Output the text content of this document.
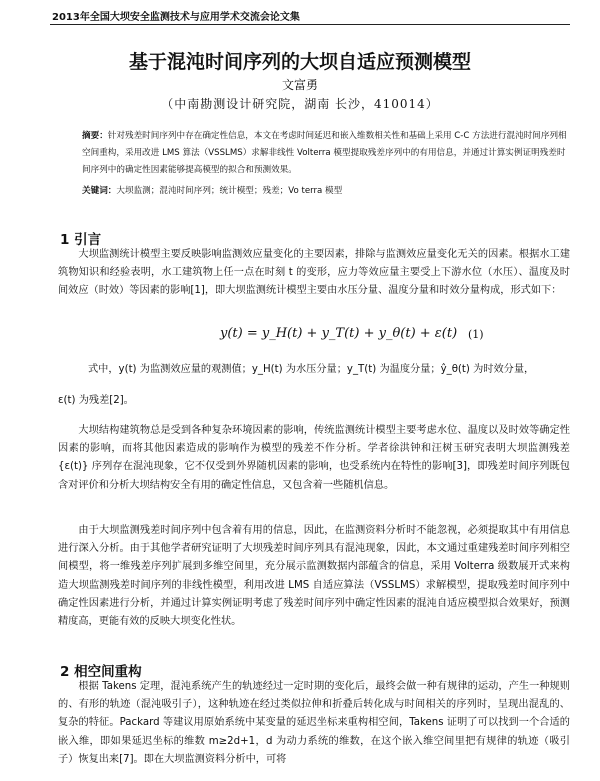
2013年全国大坝安全监测技术与应用学术交流会论文集
基于混沌时间序列的大坝自适应预测模型
文富勇
（中南勘测设计研究院，湖南 长沙，410014）
摘要：针对残差时间序列中存在确定性信息，本文在考虑时间延迟和嵌入维数相关性和基础上采用 C-C 方法进行混沌时间序列相空间重构，采用改进 LMS 算法（VSSLMS）求解非线性 Volterra 模型提取残差序列中的有用信息，并通过计算实例证明残差时间序列中的确定性因素能够提高模型的拟合和预测效果。
关键词：大坝监测；混沌时间序列；统计模型；残差；Vo terra 模型
1 引言
大坝监测统计模型主要反映影响监测效应量变化的主要因素，排除与监测效应量变化无关的因素。根据水工建筑物知识和经验表明，水工建筑物上任一点在时刻 t 的变形，应力等效应量主要受上下游水位（水压）、温度及时间效应（时效）等因素的影响[1]，即大坝监测统计模型主要由水压分量、温度分量和时效分量构成，形式如下：
y(t) = y_H(t) + y_T(t) + y_θ(t) + ε(t) (1)
式中，y(t) 为监测效应量的观测值；y_H(t) 为水压分量；y_T(t) 为温度分量；ŷ_θ(t) 为时效分量，
ε(t) 为残差[2]。
大坝结构建筑物总是受到各种复杂环境因素的影响，传统监测统计模型主要考虑水位、温度以及时效等确定性因素的影响，而将其他因素造成的影响作为模型的残差不作分析。学者徐洪钟和汪树玉研究表明大坝监测残差 {ε(t)} 序列存在混沌现象，它不仅受到外界随机因素的影响，也受系统内在特性的影响[3]，即残差时间序列既包含对评价和分析大坝结构安全有用的确定性信息，又包含着一些随机信息。
由于大坝监测残差时间序列中包含着有用的信息，因此，在监测资料分析时不能忽视，必须提取其中有用信息进行深入分析。由于其他学者研究证明了大坝残差时间序列具有混沌现象，因此，本文通过重建残差时间序列相空间模型，将一维残差序列扩展到多维空间里，充分展示监测数据内部蕴含的信息，采用 Volterra 级数展开式来构造大坝监测残差时间序列的非线性模型，利用改进 LMS 自适应算法（VSSLMS）求解模型，提取残差时间序列中确定性因素进行分析，并通过计算实例证明考虑了残差时间序列中确定性因素的混沌自适应模型拟合效果好，预测精度高，更能有效的反映大坝变化性状。
2 相空间重构
根据 Takens 定理，混沌系统产生的轨迹经过一定时期的变化后，最终会做一种有规律的运动，产生一种规则的、有形的轨迹（混沌吸引子），这种轨迹在经过类似拉伸和折叠后转化成与时间相关的序列时，呈现出混乱的、复杂的特征。Packard 等建议用原始系统中某变量的延迟坐标来重构相空间，Takens 证明了可以找到一个合适的嵌入维，即如果延迟坐标的维数 m≥2d+1，d 为动力系统的维数，在这个嵌入维空间里把有规律的轨迹（吸引子）恢复出来[7]。即在大坝监测资料分析中，可将
